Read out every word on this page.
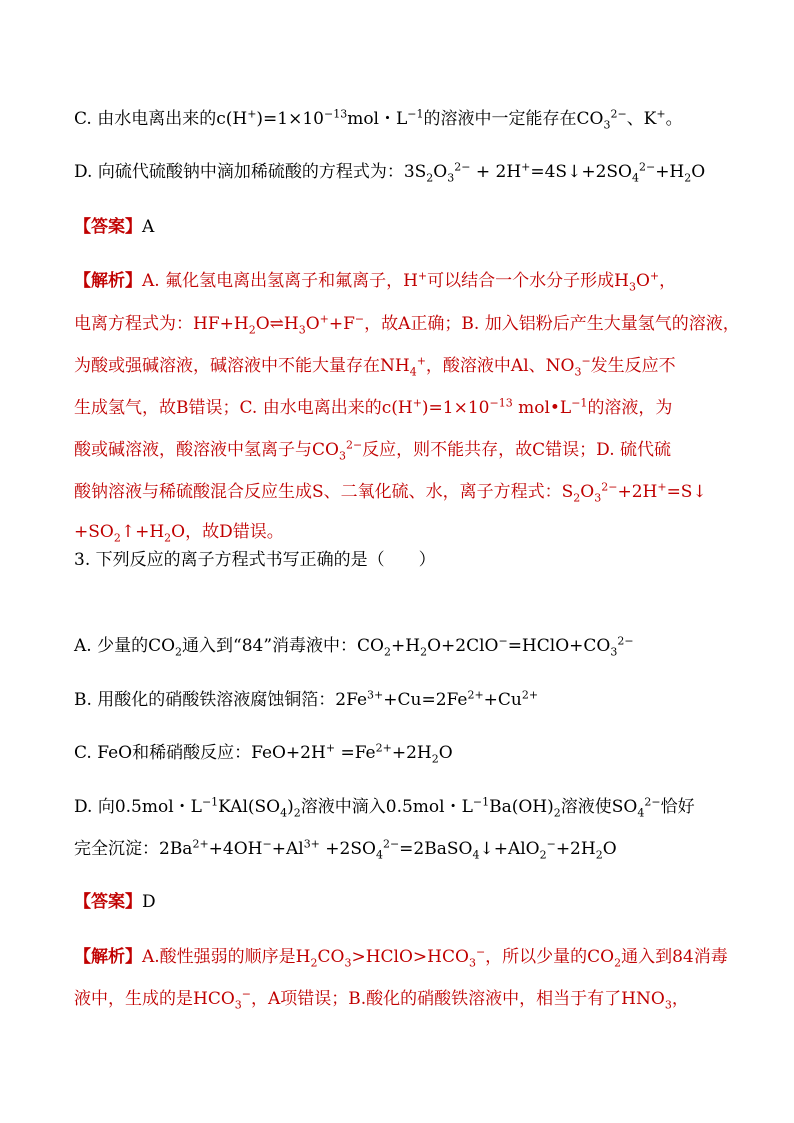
C. 由水电离出来的$c(H^+)=1\times 10^{-13}mol$・$L^{-1}$的溶液中一定能存在$CO_3^{2-}$、K+。
D. 向硫代硫酸钠中滴加稀硫酸的方程式为：$3S_2O_3^{2-}$ + $2H^+=4S↓+2SO_4^{2-}+H_2O$
【答案】A
【解析】A. 氟化氢电离出氢离子和氟离子，H+可以结合一个水分子形成$H_3O^+$，
电离方程式为：$HF+H_2O\rightleftharpoons H_3O^++F^-$，故A正确；B. 加入铝粉后产生大量氢气的溶液，
为酸或强碱溶液，碱溶液中不能大量存在$NH_4^+$，酸溶液中Al、$NO_3^-$发生反应不
生成氢气，故B错误；C. 由水电离出来的$c(H^+)=1\times 10^{-13}$ $mol•L^{-1}$的溶液，为
酸或碱溶液，酸溶液中氢离子与$CO_3^{2-}$反应，则不能共存，故C错误；D. 硫代硫
酸钠溶液与稀硫酸混合反应生成S、二氧化硫、水，离子方程式：$S_2O_3^{2-}+2H^+=S↓$
$+SO_2↑+H_2O$，故D错误。
3. 下列反应的离子方程式书写正确的是（　　）
A. 少量的$CO_2$通入到“84”消毒液中：$CO_2+H_2O+2ClO^-=HClO+CO_3^{2-}$
B. 用酸化的硝酸铁溶液腐蚀铜箔：$2Fe^{3+}+Cu=2Fe^{2+}+Cu^{2+}$
C. FeO和稀硝酸反应：$FeO+2H^+ =Fe^{2+}+2H_2O$
D. 向0.5mol・$L^{-1}KAl(SO_4)_2$溶液中滴入0.5mol・$L^{-1}Ba(OH)_2$溶液使$SO_4^{2-}$恰好
完全沉淀：$2Ba^{2+}+4OH^-+Al^{3+}$ $+2SO_4^{2-}=2BaSO_4↓+AlO_2^-+2H_2O$
【答案】D
【解析】A.酸性强弱的顺序是$H_2CO_3>HClO>HCO_3^-$，所以少量的$CO_2$通入到84消毒
液中，生成的是$HCO_3^-$，A项错误；B.酸化的硝酸铁溶液中，相当于有了$HNO_3$，
